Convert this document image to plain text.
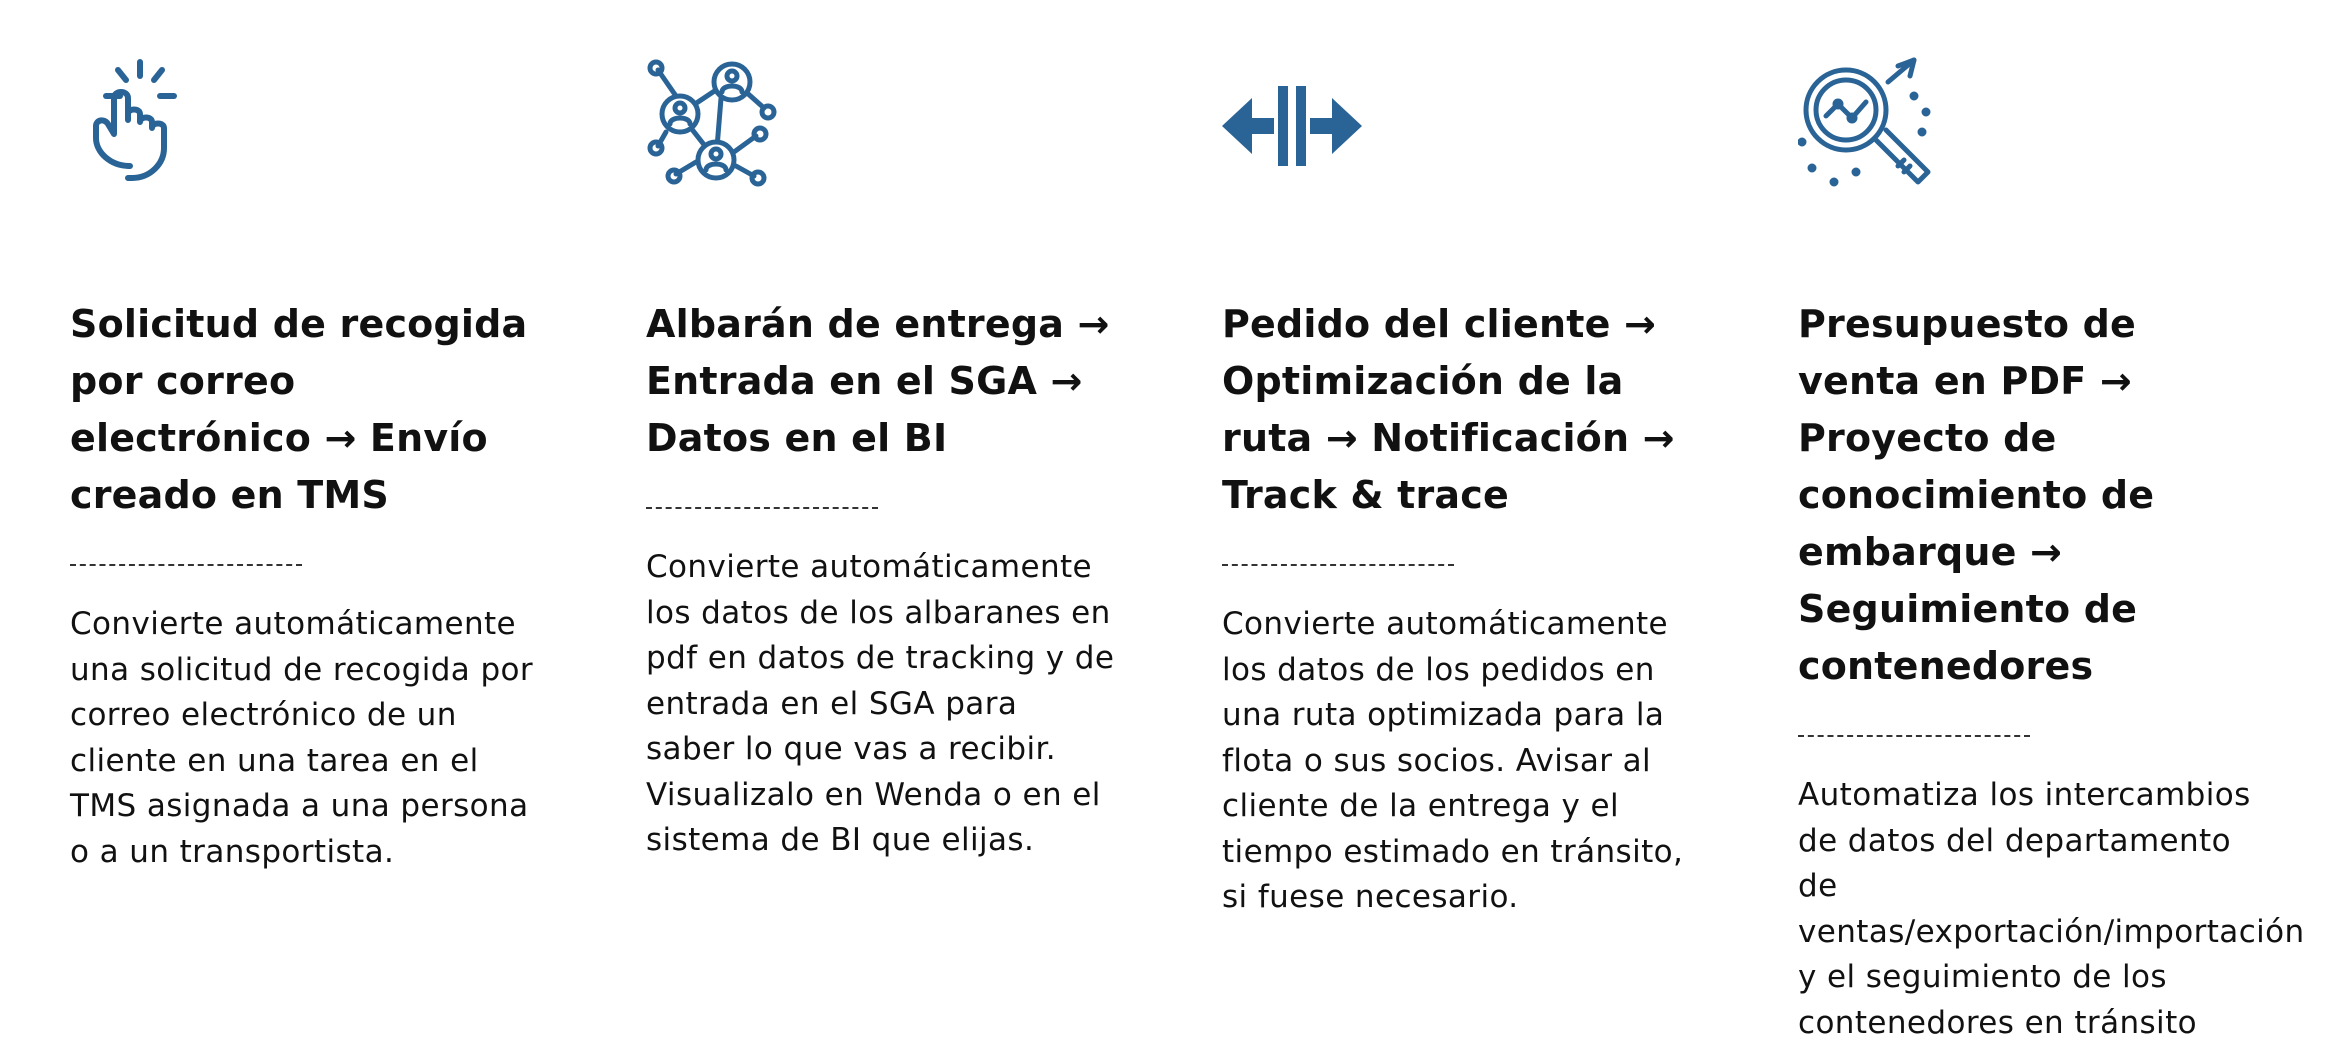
Solicitud de recogida por correo electrónico → Envío creado en TMS
Convierte automáticamente una solicitud de recogida por correo electrónico de un cliente en una tarea en el TMS asignada a una persona o a un transportista.
Albarán de entrega → Entrada en el SGA → Datos en el BI
Convierte automáticamente los datos de los albaranes en pdf en datos de tracking y de entrada en el SGA para saber lo que vas a recibir. Visualizalo en Wenda o en el sistema de BI que elijas.
Pedido del cliente → Optimización de la ruta → Notificación → Track & trace
Convierte automáticamente los datos de los pedidos en una ruta optimizada para la flota o sus socios. Avisar al cliente de la entrega y el tiempo estimado en tránsito, si fuese necesario.
Presupuesto de venta en PDF → Proyecto de conocimiento de embarque → Seguimiento de contenedores
Automatiza los intercambios de datos del departamento de ventas/exportación/importación y el seguimiento de los contenedores en tránsito
